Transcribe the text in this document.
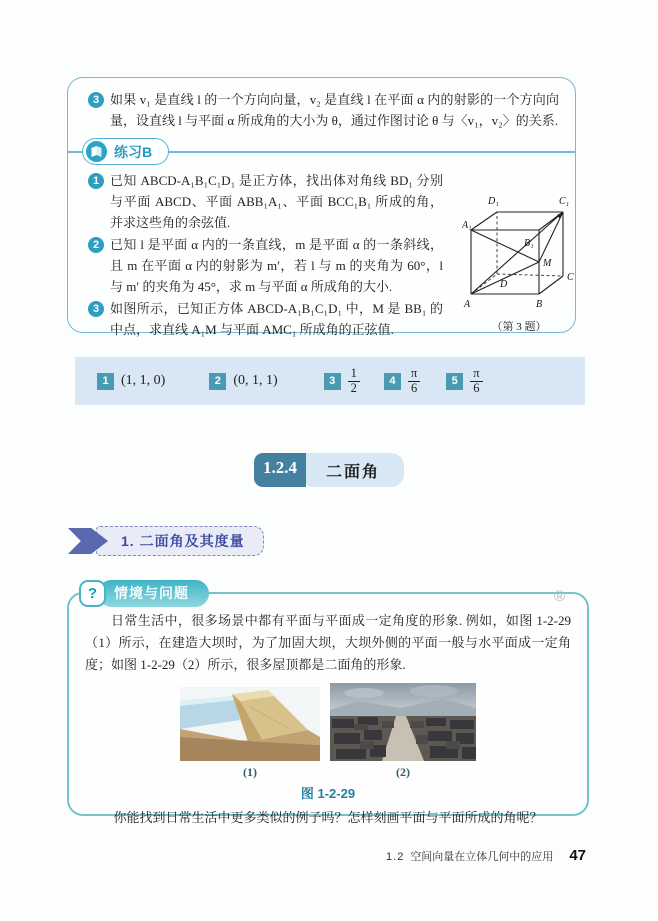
3 如果 v₁ 是直线 l 的一个方向向量，v₂ 是直线 l 在平面 α 内的射影的一个方向向量，设直线 l 与平面 α 所成角的大小为 θ，通过作图讨论 θ 与〈v₁，v₂〉的关系.
练习B
1 已知 ABCD-A₁B₁C₁D₁ 是正方体，找出体对角线 BD₁ 分别与平面 ABCD、平面 ABB₁A₁、平面 BCC₁B₁ 所成的角，并求这些角的余弦值.
2 已知 l 是平面 α 内的一条直线，m 是平面 α 的一条斜线，且 m 在平面 α 内的射影为 m′，若 l 与 m 的夹角为 60°，l 与 m′ 的夹角为 45°，求 m 与平面 α 所成角的大小.
3 如图所示，已知正方体 ABCD-A₁B₁C₁D₁ 中，M 是 BB₁ 的中点，求直线 A₁M 与平面 AMC₁ 所成角的正弦值.
D₁	C₁
A₁
B₁
M
C
D
A	B
（第 3 题）
1 (1, 1, 0)	2 (0, 1, 1)	$3 \frac{1}{2}$	$4 \frac{\pi}{6}$	$5 \frac{\pi}{6}$
1.2.4	二面角
1. 二面角及其度量
?	情境与问题	®
日常生活中，很多场景中都有平面与平面成一定角度的形象. 例如，如图 1-2-29（1）所示，在建造大坝时，为了加固大坝，大坝外侧的平面一般与水平面成一定角度；如图 1-2-29（2）所示，很多屋顶都是二面角的形象.
(1)	(2)
图 1-2-29
你能找到日常生活中更多类似的例子吗？怎样刻画平面与平面所成的角呢？
1.2 空间向量在立体几何中的应用 47
